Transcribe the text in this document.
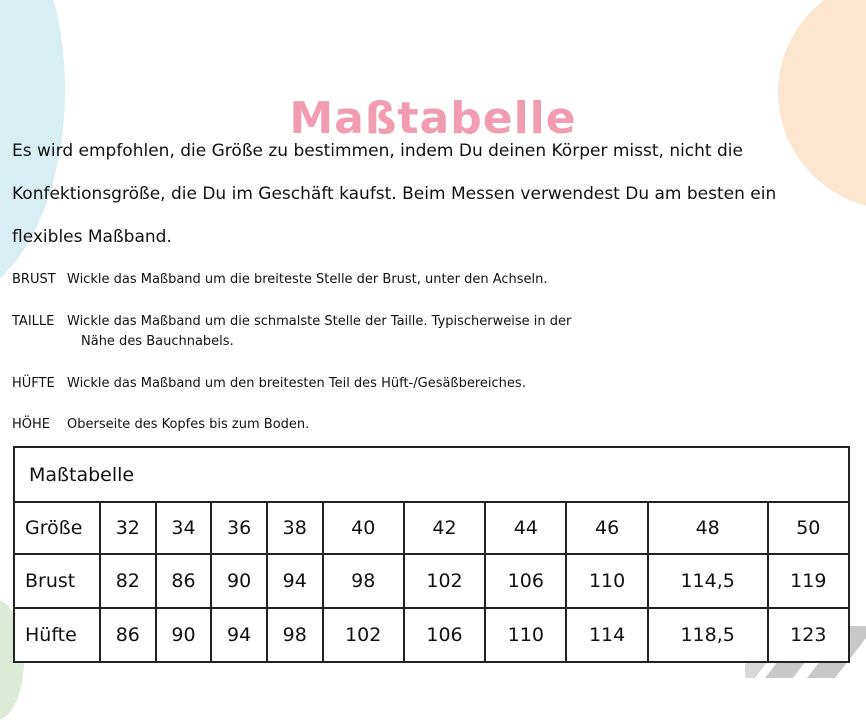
Maßtabelle
Es wird empfohlen, die Größe zu bestimmen, indem Du deinen Körper misst, nicht die
Konfektionsgröße, die Du im Geschäft kaufst. Beim Messen verwendest Du am besten ein
flexibles Maßband.
BRUST Wickle das Maßband um die breiteste Stelle der Brust, unter den Achseln.
TAILLE Wickle das Maßband um die schmalste Stelle der Taille. Typischerweise in der
Nähe des Bauchnabels.
HÜFTE Wickle das Maßband um den breitesten Teil des Hüft-/Gesäßbereiches.
HÖHE Oberseite des Kopfes bis zum Boden.
Maßtabelle										
Größe	32	34	36	38	40	42	44	46	48	50
Brust	82	86	90	94	98	102	106	110	114,5	119
Hüfte	86	90	94	98	102	106	110	114	118,5	123
